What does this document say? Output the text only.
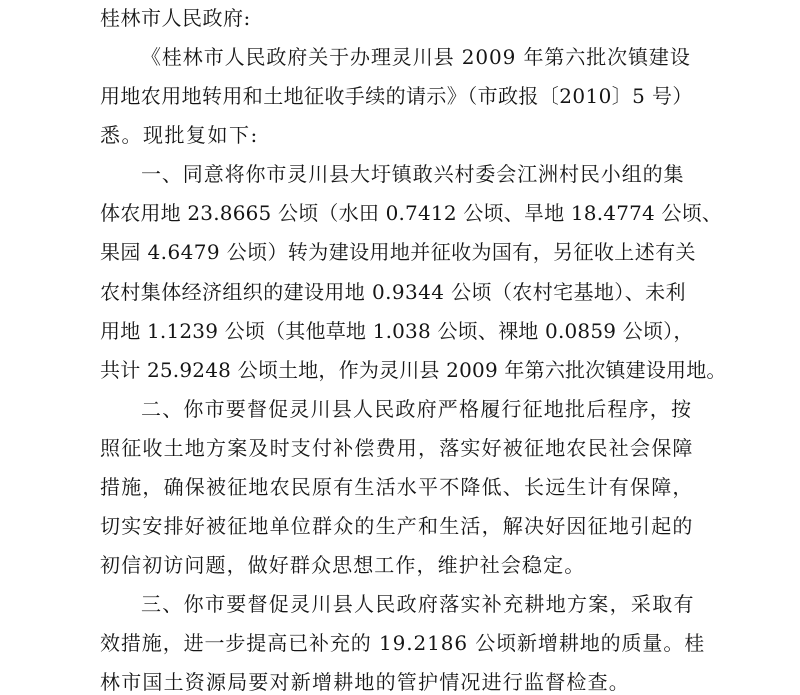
桂林市人民政府:
《桂林市人民政府关于办理灵川县 2009 年第六批次镇建设
用地农用地转用和土地征收手续的请示》（市政报〔2010〕5 号）
悉。现批复如下:
一、同意将你市灵川县大圩镇敢兴村委会江洲村民小组的集
体农用地 23.8665 公顷（水田 0.7412 公顷、旱地 18.4774 公顷、
果园 4.6479 公顷）转为建设用地并征收为国有，另征收上述有关
农村集体经济组织的建设用地 0.9344 公顷（农村宅基地）、未利
用地 1.1239 公顷（其他草地 1.038 公顷、裸地 0.0859 公顷），
共计 25.9248 公顷土地，作为灵川县 2009 年第六批次镇建设用地。
二、你市要督促灵川县人民政府严格履行征地批后程序，按
照征收土地方案及时支付补偿费用，落实好被征地农民社会保障
措施，确保被征地农民原有生活水平不降低、长远生计有保障，
切实安排好被征地单位群众的生产和生活，解决好因征地引起的
初信初访问题，做好群众思想工作，维护社会稳定。
三、你市要督促灵川县人民政府落实补充耕地方案，采取有
效措施，进一步提高已补充的 19.2186 公顷新增耕地的质量。桂
林市国土资源局要对新增耕地的管护情况进行监督检查。
